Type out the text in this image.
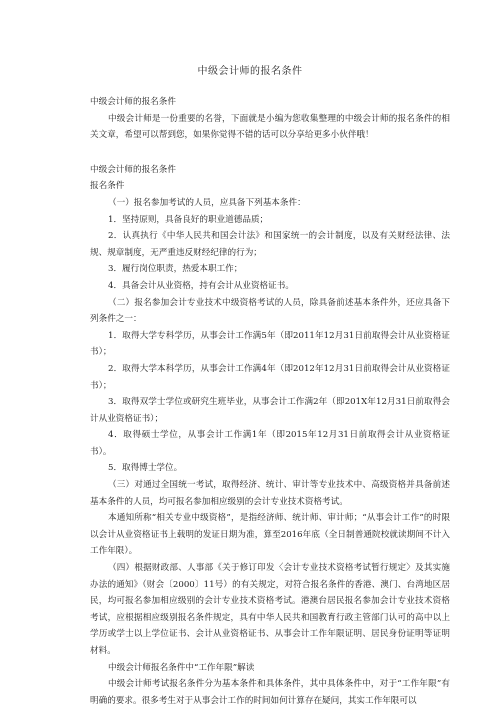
中级会计师的报名条件

中级会计师的报名条件

中级会计师是一份重要的名誉，下面就是小编为您收集整理的中级会计师的报名条件的相关文章，希望可以帮到您，如果你觉得不错的话可以分享给更多小伙伴哦！

中级会计师的报名条件

报名条件

（一）报名参加考试的人员，应具备下列基本条件：

1．坚持原则，具备良好的职业道德品质；

2．认真执行《中华人民共和国会计法》和国家统一的会计制度，以及有关财经法律、法规、规章制度，无严重违反财经纪律的行为；

3．履行岗位职责，热爱本职工作；

4．具备会计从业资格，持有会计从业资格证书。

（二）报名参加会计专业技术中级资格考试的人员，除具备前述基本条件外，还应具备下列条件之一：

1．取得大学专科学历，从事会计工作满5年（即2011年12月31日前取得会计从业资格证书）；

2．取得大学本科学历，从事会计工作满4年（即2012年12月31日前取得会计从业资格证书）；

3．取得双学士学位或研究生班毕业，从事会计工作满2年（即201X年12月31日前取得会计从业资格证书）；

4．取得硕士学位，从事会计工作满1年（即2015年12月31日前取得会计从业资格证书）。

5．取得博士学位。

（三）对通过全国统一考试，取得经济、统计、审计等专业技术中、高级资格并具备前述基本条件的人员，均可报名参加相应级别的会计专业技术资格考试。

本通知所称“相关专业中级资格”，是指经济师、统计师、审计师；“从事会计工作”的时限以会计从业资格证书上载明的发证日期为准，算至2016年底（全日制普通院校就读期间不计入工作年限）。

（四）根据财政部、人事部《关于修订印发〈会计专业技术资格考试暂行规定〉及其实施办法的通知》（财会〔2000〕11号）的有关规定，对符合报名条件的香港、澳门、台湾地区居民，均可报名参加相应级别的会计专业技术资格考试。港澳台居民报名参加会计专业技术资格考试，应根据相应级别报名条件规定，具有中华人民共和国教育行政主管部门认可的高中以上学历或学士以上学位证书、会计从业资格证书、从事会计工作年限证明、居民身份证明等证明材料。

中级会计师报名条件中“工作年限”解读

中级会计师考试报名条件分为基本条件和具体条件，其中具体条件中，对于“工作年限”有明确的要求。很多考生对于从事会计工作的时间如何计算存在疑问，其实工作年限可以
